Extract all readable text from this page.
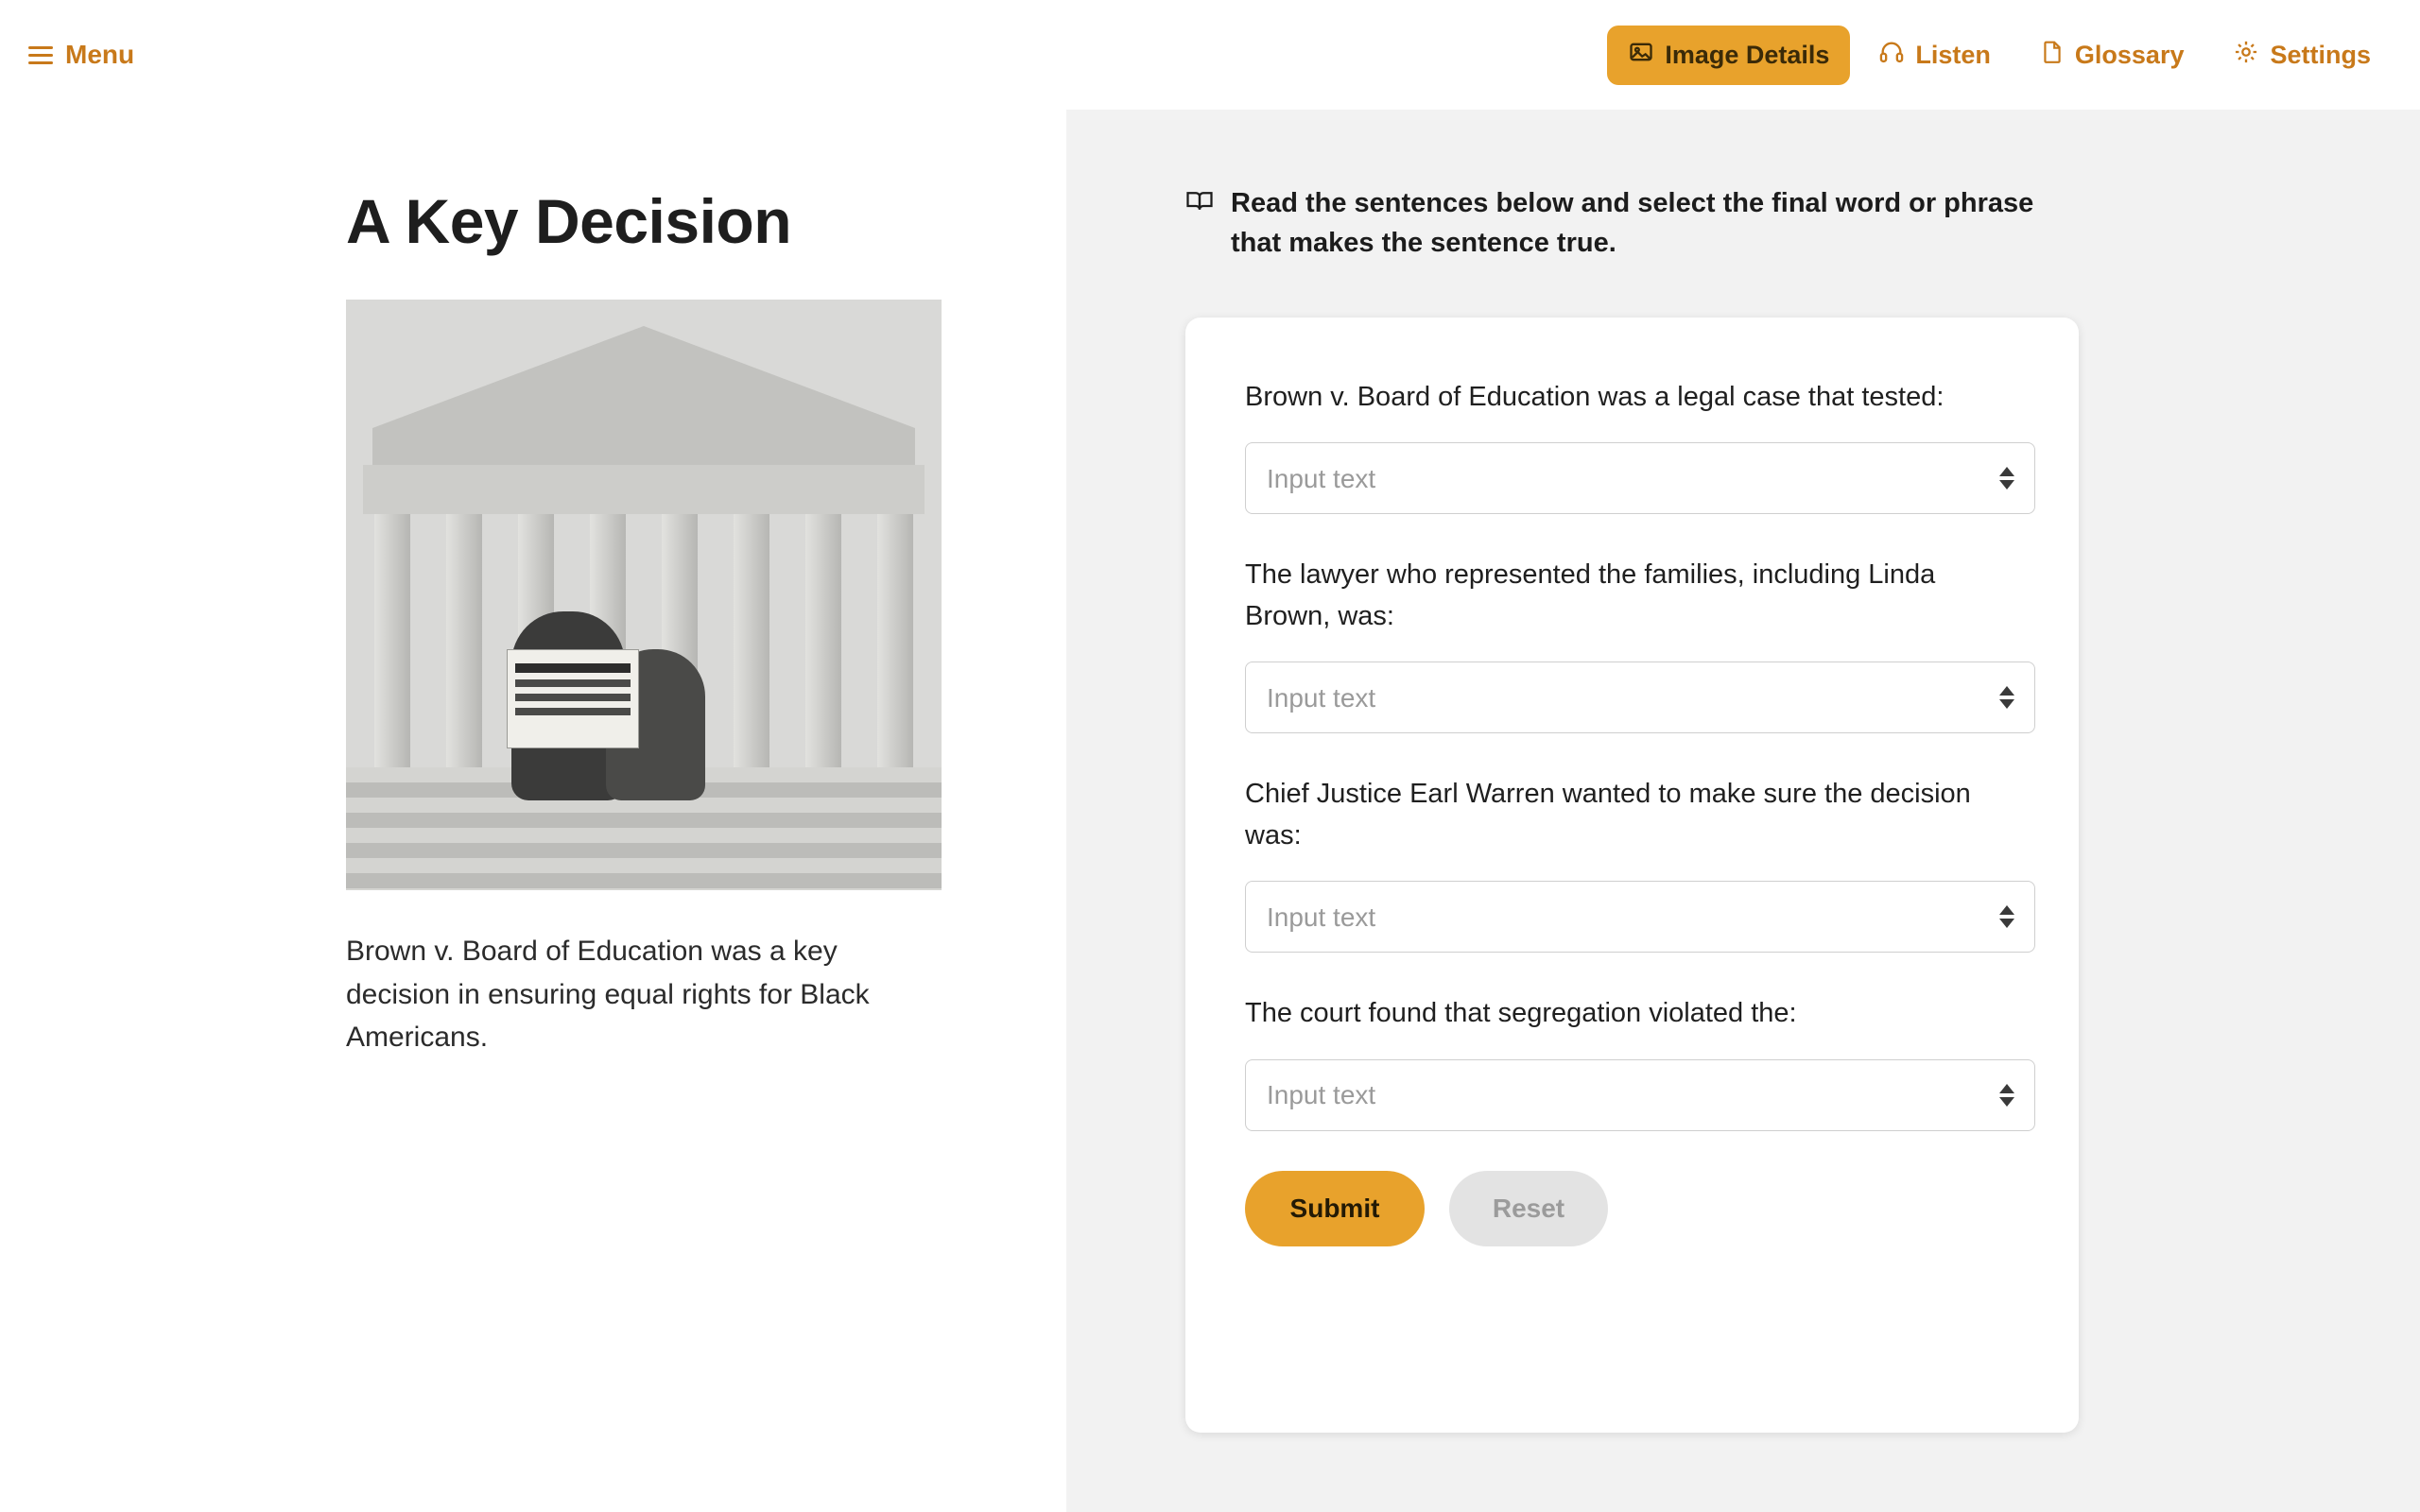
Menu	Image Details	Listen	Glossary	Settings
A Key Decision

Brown v. Board of Education was a key decision in ensuring equal rights for Black Americans.

Read the sentences below and select the final word or phrase that makes the sentence true.
Brown v. Board of Education was a legal case that tested:
Input text
The lawyer who represented the families, including Linda Brown, was:
Input text
Chief Justice Earl Warren wanted to make sure the decision was:
Input text
The court found that segregation violated the:
Input text
Submit	Reset
